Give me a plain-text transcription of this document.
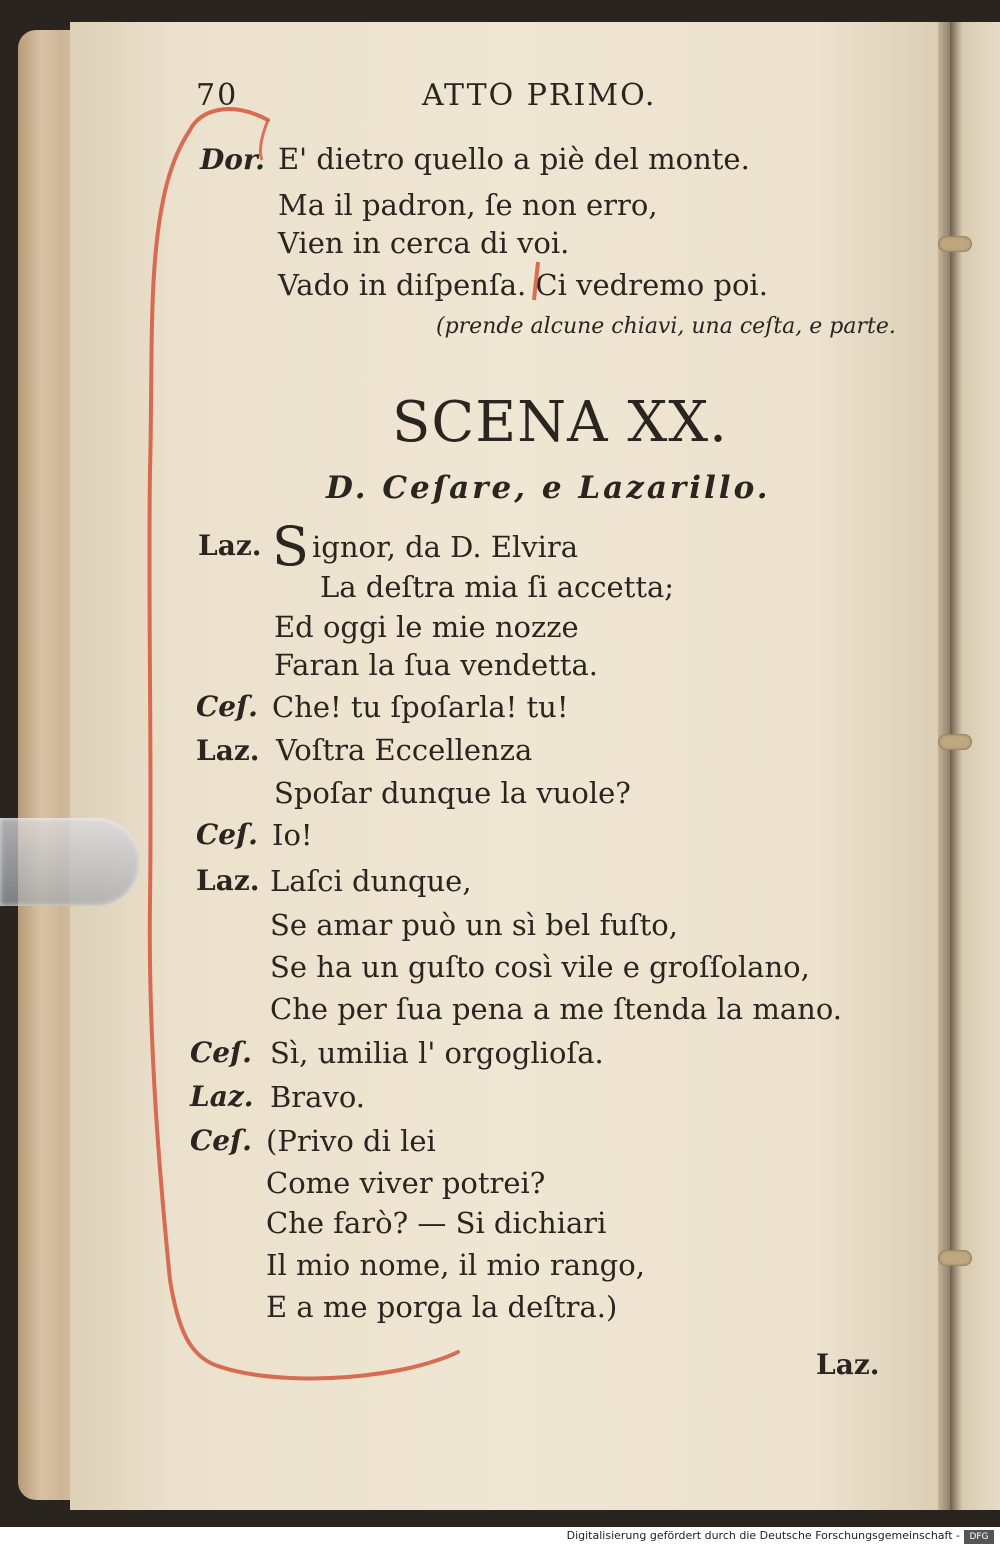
70	ATTO PRIMO.
Dor. E' dietro quello a piè del monte.
Ma il padron, ſe non erro,
Vien in cerca di voi.
Vado in diſpenſa. Ci vedremo poi.
(prende alcune chiavi, una ceſta, e parte.
SCENA XX.
D. Ceſare, e Lazarillo.
Laz. S ignor, da D. Elvira
La deſtra mia ſi accetta;
Ed oggi le mie nozze
Faran la ſua vendetta.
Ceſ. Che! tu ſpoſarla! tu!
Laz. Voſtra Eccellenza
Spoſar dunque la vuole?
Ceſ. Io!
Laz. Laſci dunque,
Se amar può un sì bel fuſto,
Se ha un guſto così vile e groſſolano,
Che per ſua pena a me ſtenda la mano.
Ceſ. Sì, umilia l' orgoglioſa.
Laz. Bravo.
Ceſ. (Privo di lei
Come viver potrei?
Che farò? — Si dichiari
Il mio nome, il mio rango,
E a me porga la deſtra.)
Laz.
Digitalisierung gefördert durch die Deutsche Forschungsgemeinschaft -	DFG
